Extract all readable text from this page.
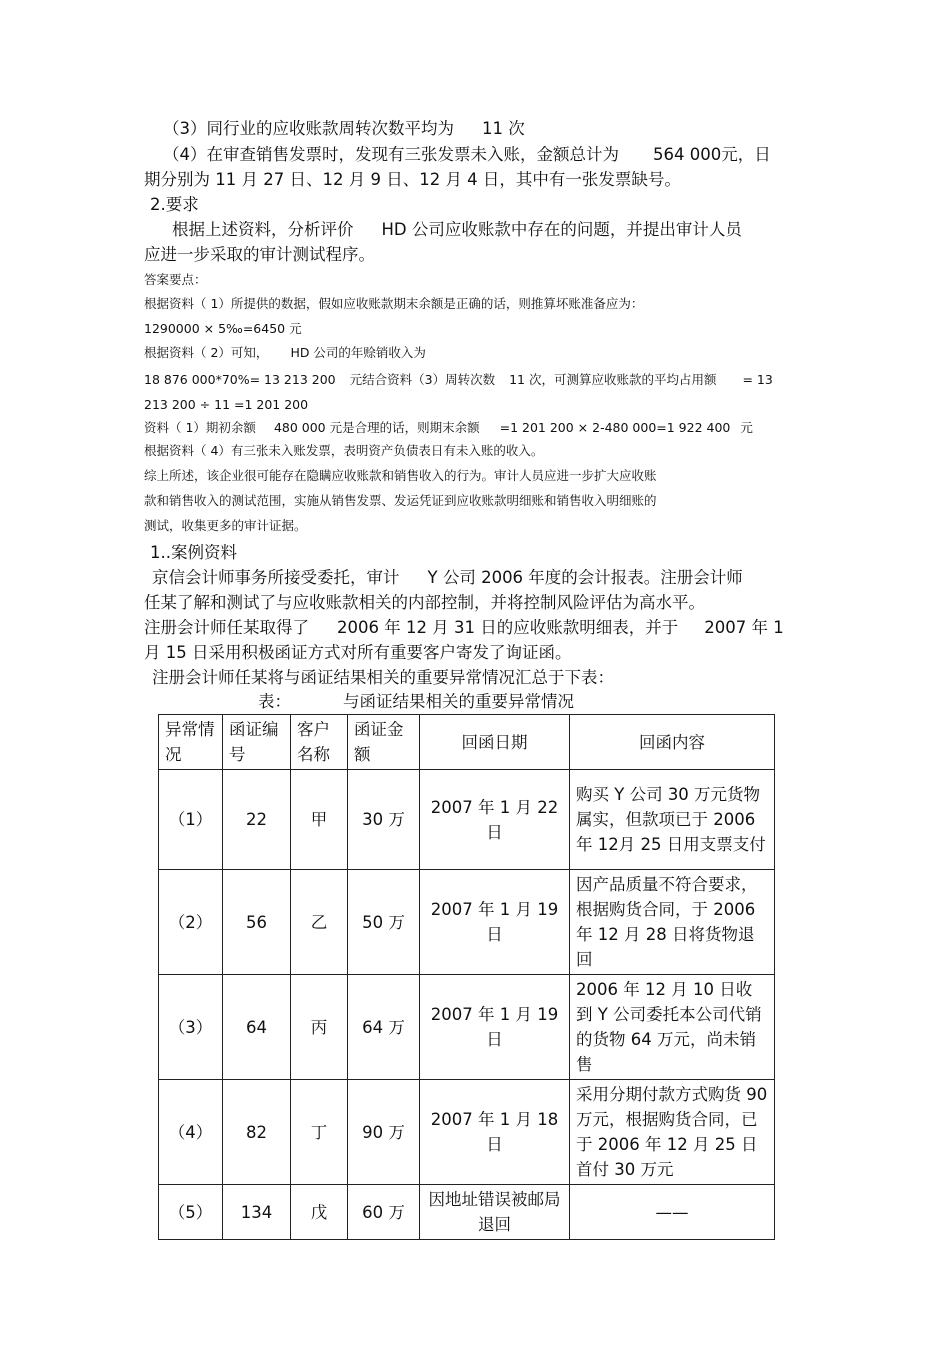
（3）同行业的应收账款周转次数平均为 11 次
（4）在审查销售发票时，发现有三张发票未入账，金额总计为 564 000元，日
期分别为 11 月 27 日、12 月 9 日、12 月 4 日，其中有一张发票缺号。
2.要求
根据上述资料，分析评价 HD 公司应收账款中存在的问题，并提出审计人员
应进一步采取的审计测试程序。
答案要点：
根据资料（ 1）所提供的数据，假如应收账款期末余额是正确的话，则推算坏账准备应为：
1290000 × 5‰=6450 元
根据资料（ 2）可知， HD 公司的年赊销收入为
18 876 000*70%= 13 213 200 元结合资料（3）周转次数 11 次，可测算应收账款的平均占用额 = 13
213 200 ÷ 11 =1 201 200
资料（ 1）期初余额 480 000 元是合理的话，则期末余额 =1 201 200 × 2-480 000=1 922 400 元
根据资料（ 4）有三张未入账发票，表明资产负债表日有未入账的收入。
综上所述，该企业很可能存在隐瞒应收账款和销售收入的行为。审计人员应进一步扩大应收账
款和销售收入的测试范围，实施从销售发票、发运凭证到应收账款明细账和销售收入明细账的
测试，收集更多的审计证据。
1..案例资料
京信会计师事务所接受委托，审计 Y 公司 2006 年度的会计报表。注册会计师
任某了解和测试了与应收账款相关的内部控制，并将控制风险评估为高水平。
注册会计师任某取得了 2006 年 12 月 31 日的应收账款明细表，并于 2007 年 1
月 15 日采用积极函证方式对所有重要客户寄发了询证函。
注册会计师任某将与函证结果相关的重要异常情况汇总于下表：
表：	与函证结果相关的重要异常情况
异常情况	函证编号	客户名称	函证金额	回函日期	回函内容
（1）	22	甲	30 万	2007 年 1 月 22 日	购买 Y 公司 30 万元货物属实，但款项已于 2006年 12月 25 日用支票支付
（2）	56	乙	50 万	2007 年 1 月 19 日	因产品质量不符合要求，根据购货合同，于 2006 年 12 月 28 日将货物退回
（3）	64	丙	64 万	2007 年 1 月 19 日	2006 年 12 月 10 日收到 Y 公司委托本公司代销的货物 64 万元，尚未销售
（4）	82	丁	90 万	2007 年 1 月 18 日	采用分期付款方式购货 90 万元，根据购货合同，已于 2006 年 12 月 25 日首付 30 万元
（5）	134	戊	60 万	因地址错误被邮局退回	——
